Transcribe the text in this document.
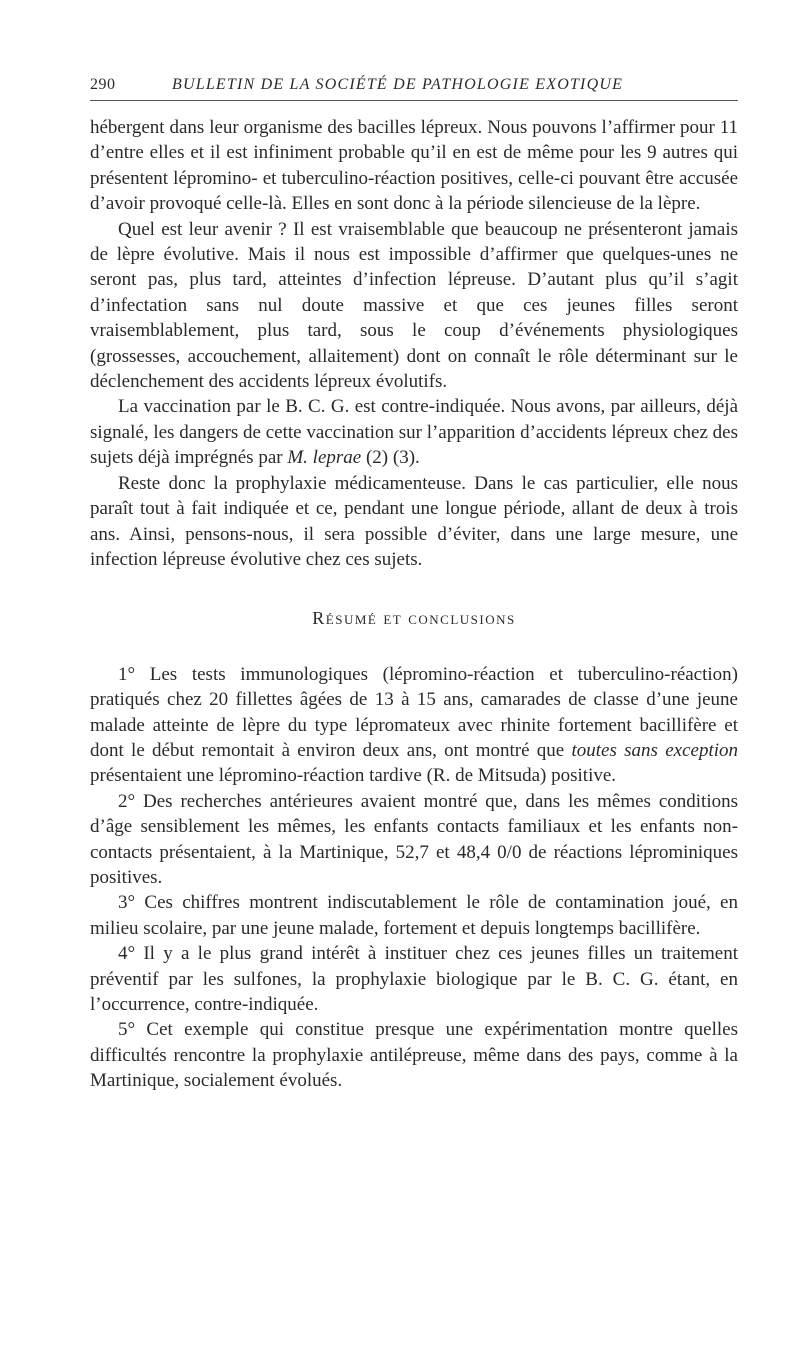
290	BULLETIN DE LA SOCIÉTÉ DE PATHOLOGIE EXOTIQUE

hébergent dans leur organisme des bacilles lépreux. Nous pouvons l’affirmer pour 11 d’entre elles et il est infiniment probable qu’il en est de même pour les 9 autres qui présentent lépromino- et tuberculino-réaction positives, celle-ci pouvant être accusée d’avoir provoqué celle-là. Elles en sont donc à la période silencieuse de la lèpre.

Quel est leur avenir ? Il est vraisemblable que beaucoup ne présenteront jamais de lèpre évolutive. Mais il nous est impossible d’affirmer que quelques-unes ne seront pas, plus tard, atteintes d’infection lépreuse. D’autant plus qu’il s’agit d’infectation sans nul doute massive et que ces jeunes filles seront vraisemblablement, plus tard, sous le coup d’événements physiologiques (grossesses, accouchement, allaitement) dont on connaît le rôle déterminant sur le déclenchement des accidents lépreux évolutifs.

La vaccination par le B. C. G. est contre-indiquée. Nous avons, par ailleurs, déjà signalé, les dangers de cette vaccination sur l’apparition d’accidents lépreux chez des sujets déjà imprégnés par M. leprae (2) (3).

Reste donc la prophylaxie médicamenteuse. Dans le cas particulier, elle nous paraît tout à fait indiquée et ce, pendant une longue période, allant de deux à trois ans. Ainsi, pensons-nous, il sera possible d’éviter, dans une large mesure, une infection lépreuse évolutive chez ces sujets.

Résumé et conclusions

1° Les tests immunologiques (lépromino-réaction et tuberculino-réaction) pratiqués chez 20 fillettes âgées de 13 à 15 ans, camarades de classe d’une jeune malade atteinte de lèpre du type lépromateux avec rhinite fortement bacillifère et dont le début remontait à environ deux ans, ont montré que toutes sans exception présentaient une lépromino-réaction tardive (R. de Mitsuda) positive.

2° Des recherches antérieures avaient montré que, dans les mêmes conditions d’âge sensiblement les mêmes, les enfants contacts familiaux et les enfants non-contacts présentaient, à la Martinique, 52,7 et 48,4 0/0 de réactions léprominiques positives.

3° Ces chiffres montrent indiscutablement le rôle de contamination joué, en milieu scolaire, par une jeune malade, fortement et depuis longtemps bacillifère.

4° Il y a le plus grand intérêt à instituer chez ces jeunes filles un traitement préventif par les sulfones, la prophylaxie biologique par le B. C. G. étant, en l’occurrence, contre-indiquée.

5° Cet exemple qui constitue presque une expérimentation montre quelles difficultés rencontre la prophylaxie antilépreuse, même dans des pays, comme à la Martinique, socialement évolués.
